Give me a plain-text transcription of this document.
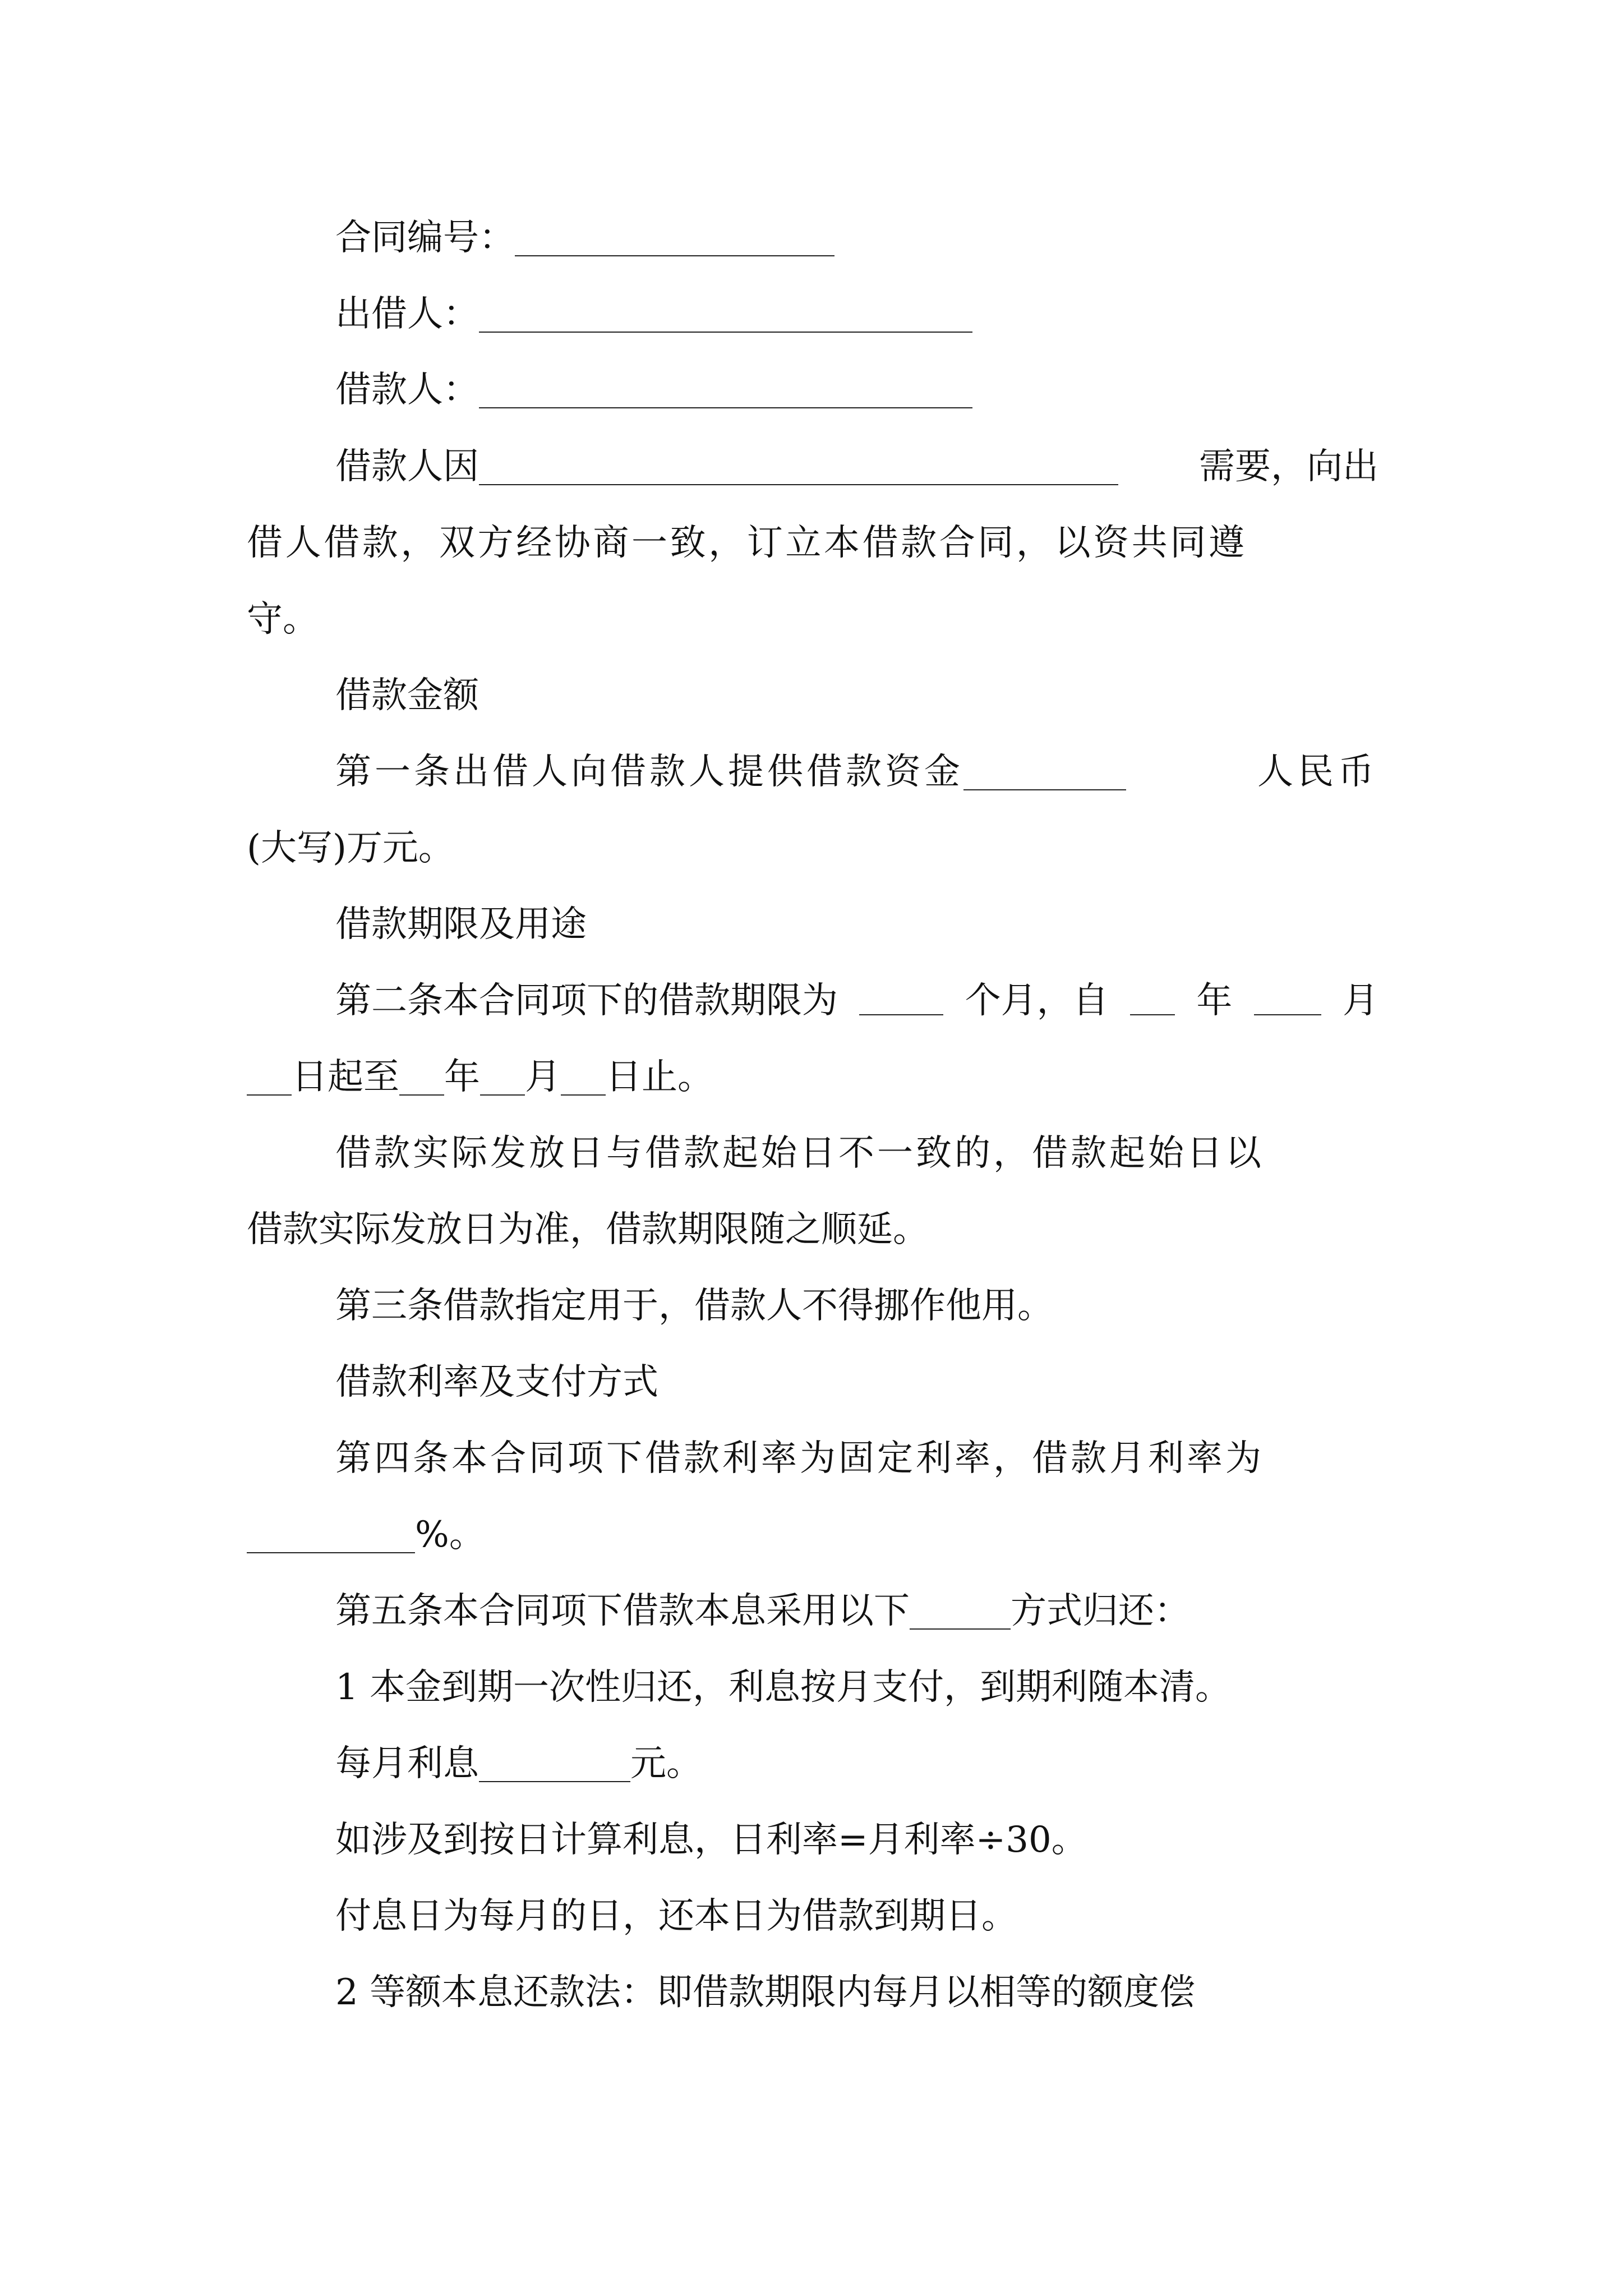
合同编号：
出借人：
借款人：
借款人因	需要，向出
借人借款，双方经协商一致，订立本借款合同，以资共同遵
守。
借款金额
第一条出借人向借款人提供借款资金	人民币
(大写)万元。
借款期限及用途
第二条本合同项下的借款期限为	个月，自 年	月
日起至 年 月 日止。
借款实际发放日与借款起始日不一致的，借款起始日以
借款实际发放日为准，借款期限随之顺延。
第三条借款指定用于，借款人不得挪作他用。
借款利率及支付方式
第四条本合同项下借款利率为固定利率，借款月利率为
%。
第五条本合同项下借款本息采用以下	方式归还：
1 本金到期一次性归还，利息按月支付，到期利随本清。
每月利息	元。
如涉及到按日计算利息，日利率=月利率÷30。
付息日为每月的日，还本日为借款到期日。
2 等额本息还款法：即借款期限内每月以相等的额度偿
